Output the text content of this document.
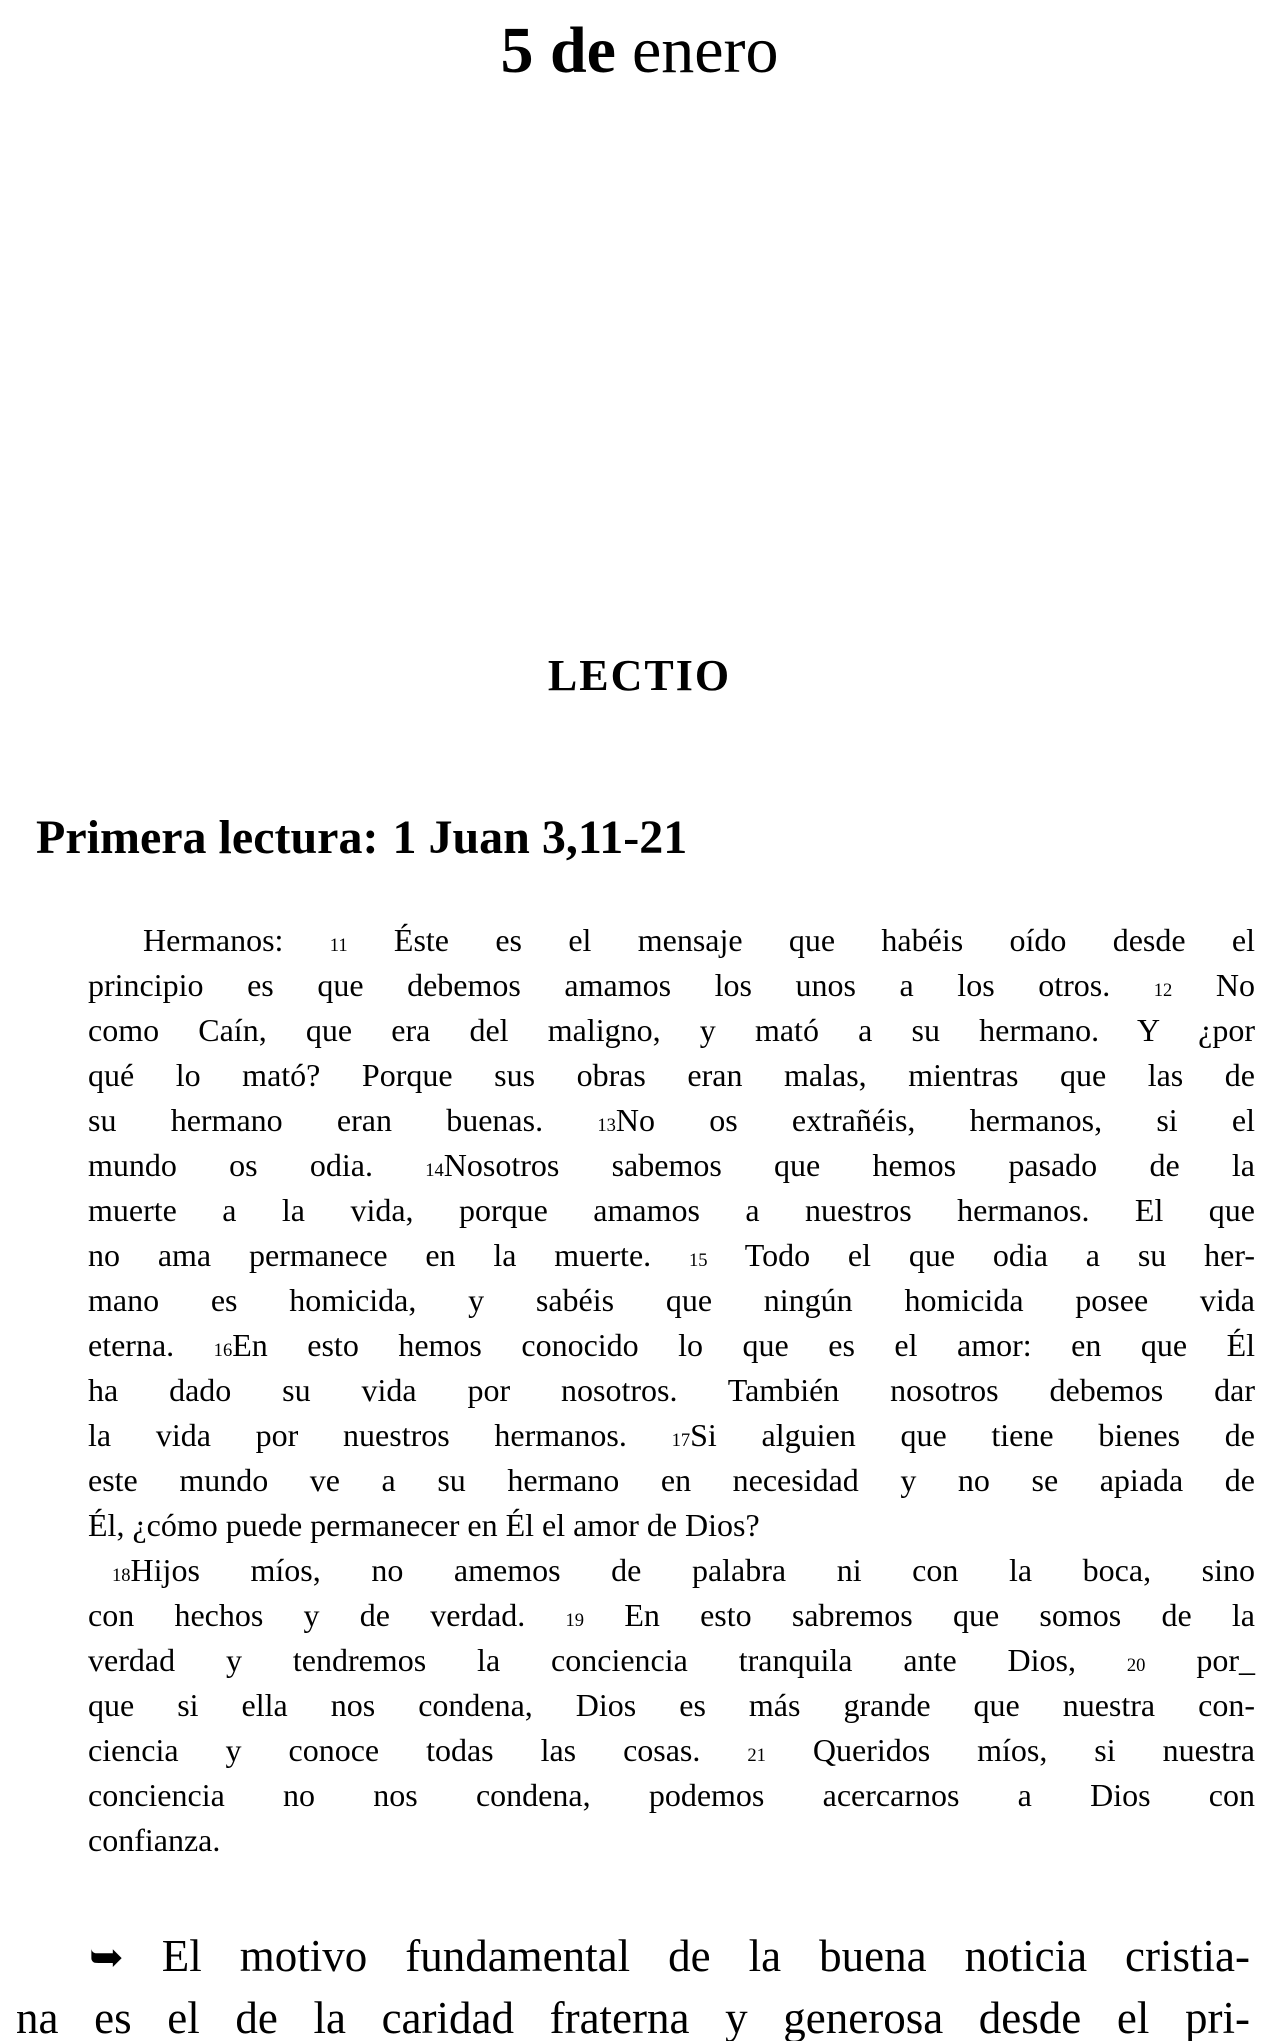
5 de enero
LECTIO
Primera lectura: 1 Juan 3,11-21
Hermanos: 11 Éste es el mensaje que habéis oído desde el
principio es que debemos amamos los unos a los otros. 12 No
como Caín, que era del maligno, y mató a su hermano. Y ¿por
qué lo mató? Porque sus obras eran malas, mientras que las de
su hermano eran buenas. 13No os extrañéis, hermanos, si el
mundo os odia. 14Nosotros sabemos que hemos pasado de la
muerte a la vida, porque amamos a nuestros hermanos. El que
no ama permanece en la muerte. 15 Todo el que odia a su her-
mano es homicida, y sabéis que ningún homicida posee vida
eterna. 16En esto hemos conocido lo que es el amor: en que Él
ha dado su vida por nosotros. También nosotros debemos dar
la vida por nuestros hermanos. 17Si alguien que tiene bienes de
este mundo ve a su hermano en necesidad y no se apiada de
Él, ¿cómo puede permanecer en Él el amor de Dios?
18Hijos míos, no amemos de palabra ni con la boca, sino
con hechos y de verdad. 19 En esto sabremos que somos de la
verdad y tendremos la conciencia tranquila ante Dios, 20 por_
que si ella nos condena, Dios es más grande que nuestra con-
ciencia y conoce todas las cosas. 21 Queridos míos, si nuestra
conciencia no nos condena, podemos acercarnos a Dios con
confianza.
➥ El motivo fundamental de la buena noticia cristia-
na es el de la caridad fraterna y generosa desde el pri-
